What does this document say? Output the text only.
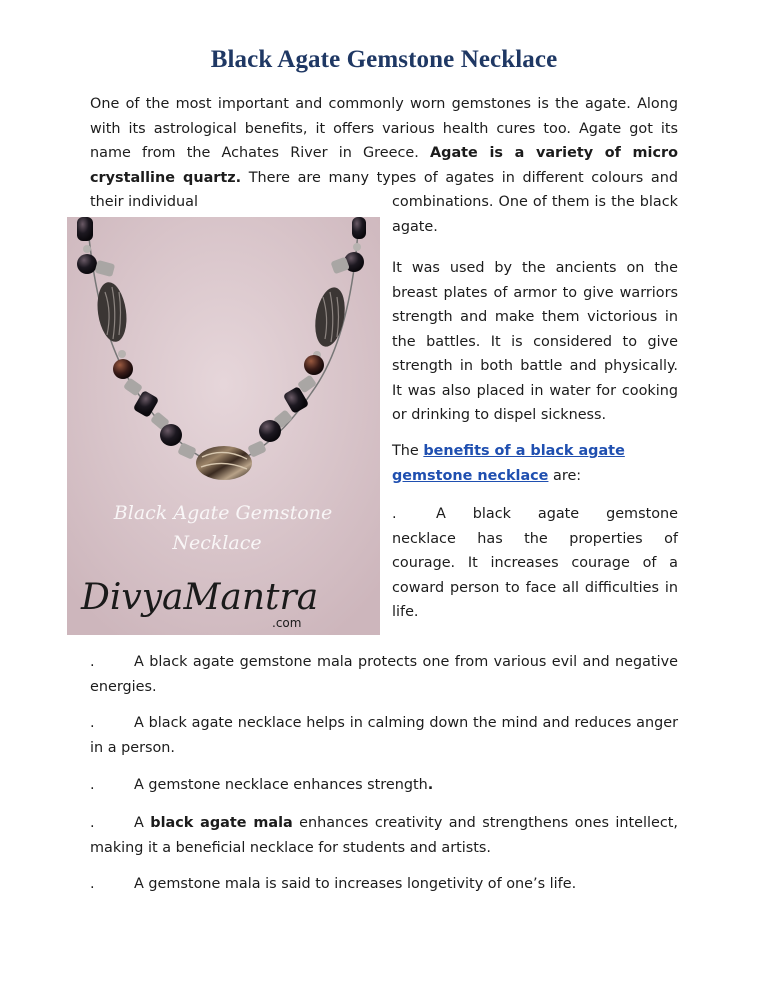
Black Agate Gemstone Necklace

One of the most important and commonly worn gemstones is the agate. Along with its astrological benefits, it offers various health cures too. Agate got its name from the Achates River in Greece. Agate is a variety of micro crystalline quartz. There are many types of agates in different colours and their individual

Black Agate Gemstone
Necklace
DivyaMantra
.com

combinations. One of them is the black agate.

It was used by the ancients on the breast plates of armor to give warriors strength and make them victorious in the battles. It is considered to give strength in both battle and physically. It was also placed in water for cooking or drinking to dispel sickness.

The benefits of a black agate gemstone necklace are:

.	A black agate gemstone necklace has the properties of courage. It increases courage of a coward person to face all difficulties in life.

.	A black agate gemstone mala protects one from various evil and negative energies.

.	A black agate necklace helps in calming down the mind and reduces anger in a person.

.	A gemstone necklace enhances strength.

.	A black agate mala enhances creativity and strengthens ones intellect, making it a beneficial necklace for students and artists.

.	A gemstone mala is said to increases longetivity of one’s life.
